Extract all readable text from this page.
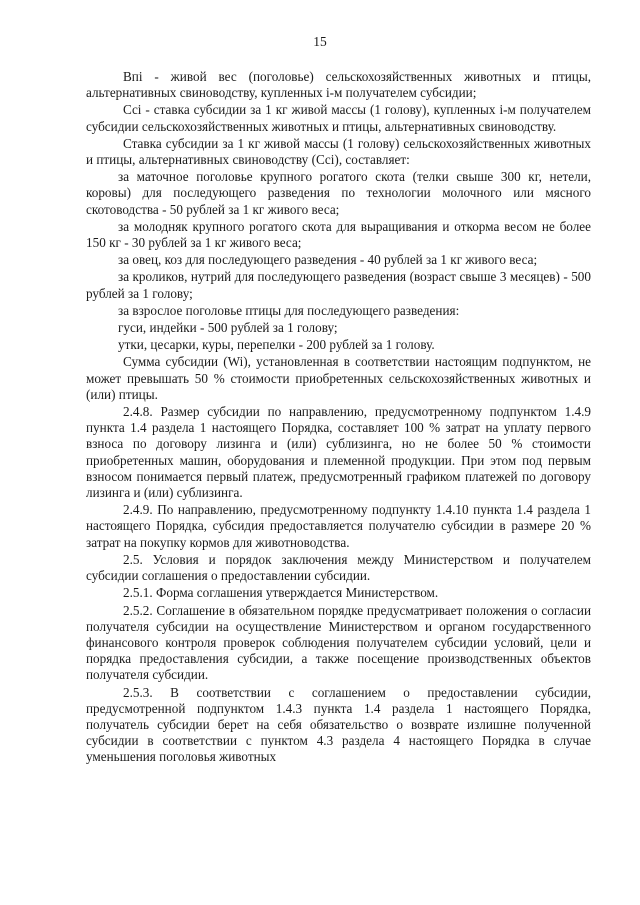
15

Bпi - живой вес (поголовье) сельскохозяйственных животных и птицы, альтернативных свиноводству, купленных i-м получателем субсидии;

Ссi - ставка субсидии за 1 кг живой массы (1 голову), купленных i-м получателем субсидии сельскохозяйственных животных и птицы, альтернативных свиноводству.

Ставка субсидии за 1 кг живой массы (1 голову) сельскохозяйственных животных и птицы, альтернативных свиноводству (Ссi), составляет:

за маточное поголовье крупного рогатого скота (телки свыше 300 кг, нетели, коровы) для последующего разведения по технологии молочного или мясного скотоводства - 50 рублей за 1 кг живого веса;

за молодняк крупного рогатого скота для выращивания и откорма весом не более 150 кг - 30 рублей за 1 кг живого веса;

за овец, коз для последующего разведения - 40 рублей за 1 кг живого веса;

за кроликов, нутрий для последующего разведения (возраст свыше 3 месяцев) - 500 рублей за 1 голову;

за взрослое поголовье птицы для последующего разведения:

гуси, индейки - 500 рублей за 1 голову;

утки, цесарки, куры, перепелки - 200 рублей за 1 голову.

Сумма субсидии (Wi), установленная в соответствии настоящим подпунктом, не может превышать 50 % стоимости приобретенных сельскохозяйственных животных и (или) птицы.

2.4.8. Размер субсидии по направлению, предусмотренному подпунктом 1.4.9 пункта 1.4 раздела 1 настоящего Порядка, составляет 100 % затрат на уплату первого взноса по договору лизинга и (или) сублизинга, но не более 50 % стоимости приобретенных машин, оборудования и племенной продукции. При этом под первым взносом понимается первый платеж, предусмотренный графиком платежей по договору лизинга и (или) сублизинга.

2.4.9. По направлению, предусмотренному подпункту 1.4.10 пункта 1.4 раздела 1 настоящего Порядка, субсидия предоставляется получателю субсидии в размере 20 % затрат на покупку кормов для животноводства.

2.5. Условия и порядок заключения между Министерством и получателем субсидии соглашения о предоставлении субсидии.

2.5.1. Форма соглашения утверждается Министерством.

2.5.2. Соглашение в обязательном порядке предусматривает положения о согласии получателя субсидии на осуществление Министерством и органом государственного финансового контроля проверок соблюдения получателем субсидии условий, цели и порядка предоставления субсидии, а также посещение производственных объектов получателя субсидии.

2.5.3. В соответствии с соглашением о предоставлении субсидии, предусмотренной подпунктом 1.4.3 пункта 1.4 раздела 1 настоящего Порядка, получатель субсидии берет на себя обязательство о возврате излишне полученной субсидии в соответствии с пунктом 4.3 раздела 4 настоящего Порядка в случае уменьшения поголовья животных
